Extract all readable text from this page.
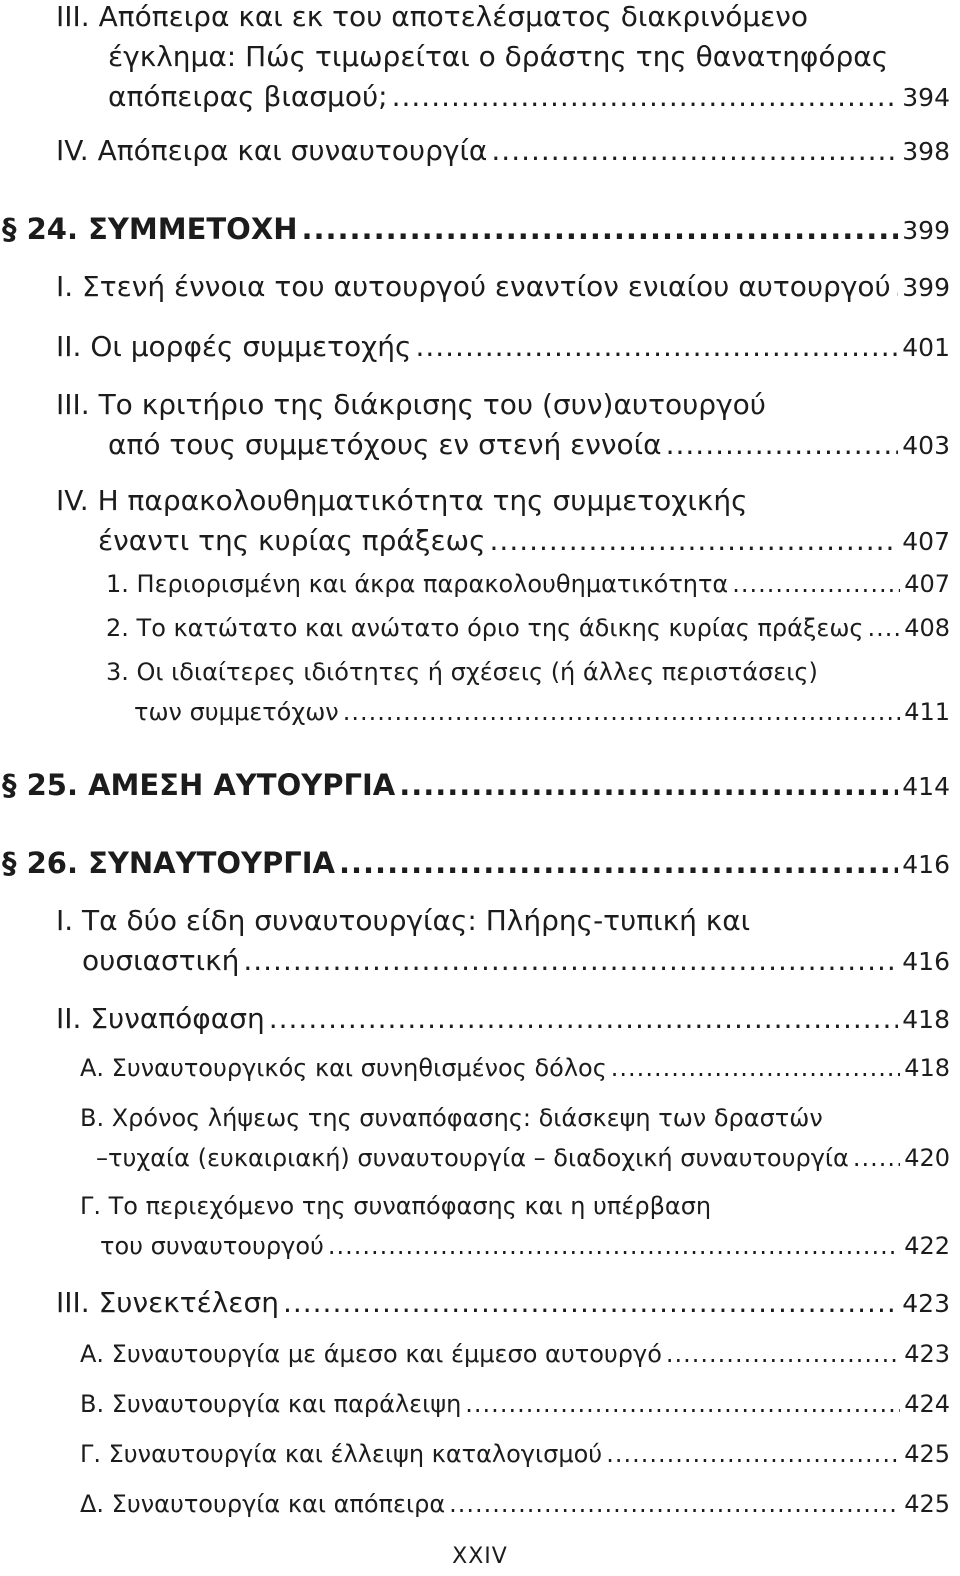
III. Απόπειρα και εκ του αποτελέσματος διακρινόμενο
έγκλημα: Πώς τιμωρείται ο δράστης της θανατηφόρας
απόπειρας βιασμού; .....	394
IV. Απόπειρα και συναυτουργία .....	398
§ 24. ΣΥΜΜΕΤΟΧΗ .....	399
I. Στενή έννοια του αυτουργού εναντίον ενιαίου αυτουργού ..... 399
II. Οι μορφές συμμετοχής .....	401
III. Το κριτήριο της διάκρισης του (συν)αυτουργού
από τους συμμετόχους εν στενή εννοία .....	403
IV. Η παρακολουθηματικότητα της συμμετοχικής
έναντι της κυρίας πράξεως .....	407
1. Περιορισμένη και άκρα παρακολουθηματικότητα .....	407
2. Το κατώτατο και ανώτατο όριο της άδικης κυρίας πράξεως ..... 408
3. Οι ιδιαίτερες ιδιότητες ή σχέσεις (ή άλλες περιστάσεις)
των συμμετόχων .....	411
§ 25. ΑΜΕΣΗ ΑΥΤΟΥΡΓΙΑ .....	414
§ 26. ΣΥΝΑΥΤΟΥΡΓΙΑ .....	416
I. Τα δύο είδη συναυτουργίας: Πλήρης-τυπική και
ουσιαστική .....	416
II. Συναπόφαση .....	418
Α. Συναυτουργικός και συνηθισμένος δόλος .....	418
Β. Χρόνος λήψεως της συναπόφασης: διάσκεψη των δραστών
–τυχαία (ευκαιριακή) συναυτουργία – διαδοχική συναυτουργία ..... 420
Γ. Το περιεχόμενο της συναπόφασης και η υπέρβαση
του συναυτουργού .....	422
III. Συνεκτέλεση .....	423
Α. Συναυτουργία με άμεσο και έμμεσο αυτουργό .....	423
Β. Συναυτουργία και παράλειψη .....	424
Γ. Συναυτουργία και έλλειψη καταλογισμού .....	425
Δ. Συναυτουργία και απόπειρα .....	425
XXIV
